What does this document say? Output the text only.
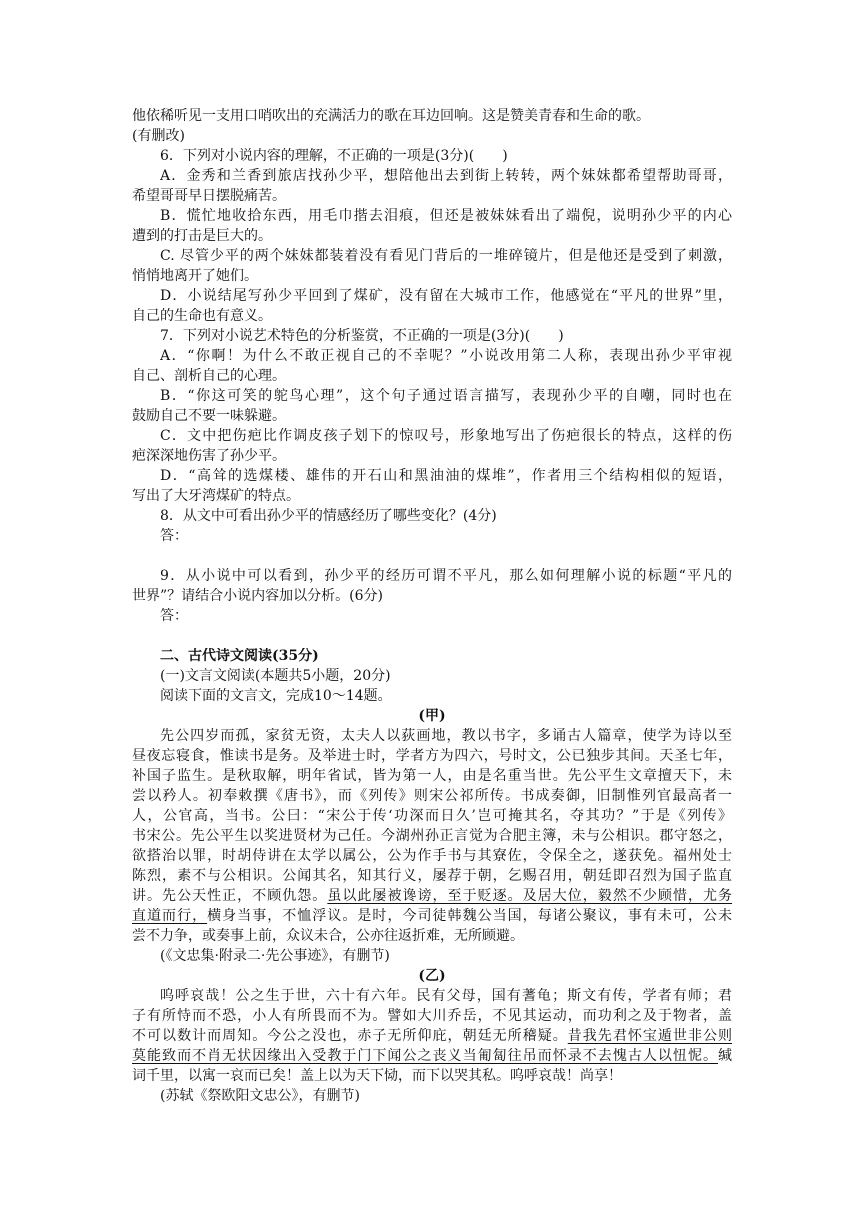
他依稀听见一支用口哨吹出的充满活力的歌在耳边回响。这是赞美青春和生命的歌。
(有删改)
6．下列对小说内容的理解，不正确的一项是(3分)(　　)
A．金秀和兰香到旅店找孙少平，想陪他出去到街上转转，两个妹妹都希望帮助哥哥，
希望哥哥早日摆脱痛苦。
B．慌忙地收拾东西，用毛巾揩去泪痕，但还是被妹妹看出了端倪，说明孙少平的内心
遭到的打击是巨大的。
C. 尽管少平的两个妹妹都装着没有看见门背后的一堆碎镜片，但是他还是受到了刺激，
悄悄地离开了她们。
D．小说结尾写孙少平回到了煤矿，没有留在大城市工作，他感觉在“平凡的世界”里，
自己的生命也有意义。
7．下列对小说艺术特色的分析鉴赏，不正确的一项是(3分)(　　)
A．“你啊！为什么不敢正视自己的不幸呢？”小说改用第二人称，表现出孙少平审视
自己、剖析自己的心理。
B．“你这可笑的鸵鸟心理”，这个句子通过语言描写，表现孙少平的自嘲，同时也在
鼓励自己不要一味躲避。
C．文中把伤疤比作调皮孩子划下的惊叹号，形象地写出了伤疤很长的特点，这样的伤
疤深深地伤害了孙少平。
D．“高耸的选煤楼、雄伟的开石山和黑油油的煤堆”，作者用三个结构相似的短语，
写出了大牙湾煤矿的特点。
8．从文中可看出孙少平的情感经历了哪些变化？(4分)
答：
9．从小说中可以看到，孙少平的经历可谓不平凡，那么如何理解小说的标题“平凡的
世界”？请结合小说内容加以分析。(6分)
答：
二、古代诗文阅读(35分)
(一)文言文阅读(本题共5小题，20分)
阅读下面的文言文，完成10～14题。
(甲)
先公四岁而孤，家贫无资，太夫人以荻画地，教以书字，多诵古人篇章，使学为诗以至
昼夜忘寝食，惟读书是务。及举进士时，学者方为四六，号时文，公已独步其间。天圣七年，
补国子监生。是秋取解，明年省试，皆为第一人，由是名重当世。先公平生文章擅天下，未
尝以矜人。初奉敕撰《唐书》，而《列传》则宋公祁所传。书成奏御，旧制惟列官最高者一
人，公官高，当书。公曰：“宋公于传‘功深而日久’岂可掩其名，夺其功？”于是《列传》
书宋公。先公平生以奖进贤材为己任。今湖州孙正言觉为合肥主簿，未与公相识。郡守怒之，
欲搭治以罪，时胡侍讲在太学以属公，公为作手书与其寮佐，令保全之，遂获免。福州处士
陈烈，素不与公相识。公闻其名，知其行义，屡荐于朝，乞赐召用，朝廷即召烈为国子监直
讲。先公天性正，不顾仇怨。虽以此屡被谗谤，至于贬逐。及居大位，毅然不少顾惜，尤务
直道而行，横身当事，不恤浮议。是时，今司徒韩魏公当国，每诸公聚议，事有未可，公未
尝不力争，或奏事上前，众议未合，公亦往返折难，无所顾避。
(《文忠集·附录二·先公事迹》，有删节)
(乙)
呜呼哀哉！公之生于世，六十有六年。民有父母，国有蓍龟；斯文有传，学者有师；君
子有所恃而不恐，小人有所畏而不为。譬如大川乔岳，不见其运动，而功利之及于物者，盖
不可以数计而周知。今公之没也，赤子无所仰庇，朝廷无所稽疑。昔我先君怀宝遁世非公则
莫能致而不肖无状因缘出入受教于门下闻公之丧义当匍匐往吊而怀录不去愧古人以忸怩。缄
词千里，以寓一哀而已矣！盖上以为天下恸，而下以哭其私。呜呼哀哉！尚享！
(苏轼《祭欧阳文忠公》，有删节)
